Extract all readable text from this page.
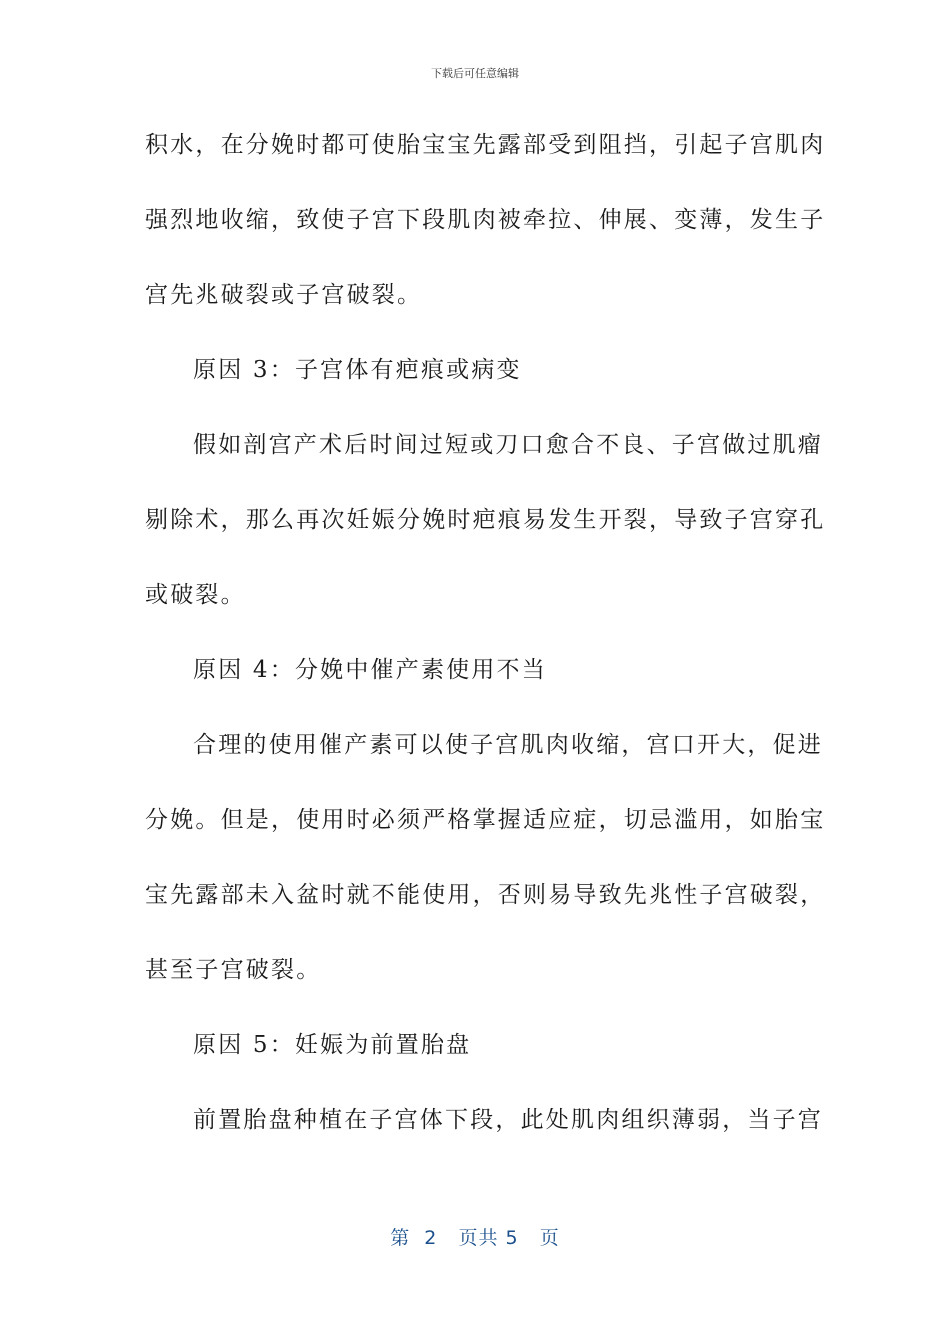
下载后可任意编辑
积水，在分娩时都可使胎宝宝先露部受到阻挡，引起子宫肌肉
强烈地收缩，致使子宫下段肌肉被牵拉、伸展、变薄，发生子
宫先兆破裂或子宫破裂。
原因 3：子宫体有疤痕或病变
假如剖宫产术后时间过短或刀口愈合不良、子宫做过肌瘤
剔除术，那么再次妊娠分娩时疤痕易发生开裂，导致子宫穿孔
或破裂。
原因 4：分娩中催产素使用不当
合理的使用催产素可以使子宫肌肉收缩，宫口开大，促进
分娩。但是，使用时必须严格掌握适应症，切忌滥用，如胎宝
宝先露部未入盆时就不能使用，否则易导致先兆性子宫破裂，
甚至子宫破裂。
原因 5：妊娠为前置胎盘
前置胎盘种植在子宫体下段，此处肌肉组织薄弱，当子宫
第  2   页共 5   页
